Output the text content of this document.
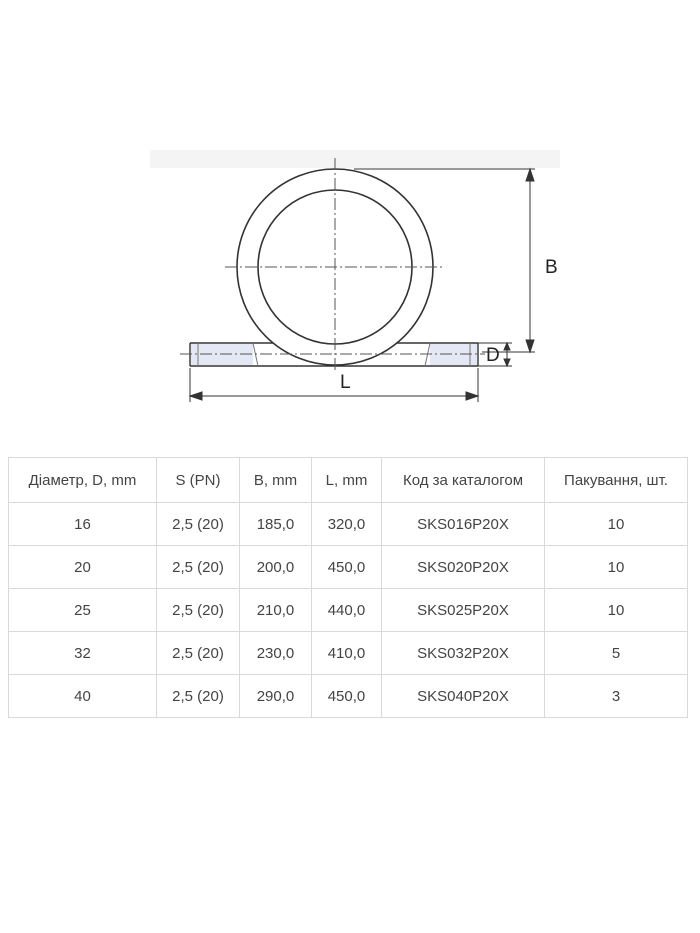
B
D
L
Діаметр, D, mm	S (PN)	B, mm	L, mm	Код за каталогом	Пакування, шт.
16	2,5 (20)	185,0	320,0	SKS016P20X	10
20	2,5 (20)	200,0	450,0	SKS020P20X	10
25	2,5 (20)	210,0	440,0	SKS025P20X	10
32	2,5 (20)	230,0	410,0	SKS032P20X	5
40	2,5 (20)	290,0	450,0	SKS040P20X	3
